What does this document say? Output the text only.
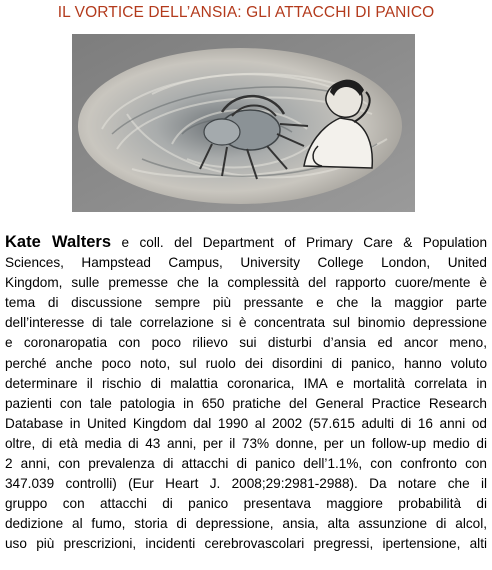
IL VORTICE DELL’ANSIA: GLI ATTACCHI DI PANICO

Kate Walters e coll. del Department of Primary Care & Population
Sciences, Hampstead Campus, University College London, United
Kingdom, sulle premesse che la complessità del rapporto cuore/mente è
tema di discussione sempre più pressante e che la maggior parte
dell’interesse di tale correlazione si è concentrata sul binomio depressione
e coronaropatia con poco rilievo sui disturbi d’ansia ed ancor meno,
perché anche poco noto, sul ruolo dei disordini di panico, hanno voluto
determinare il rischio di malattia coronarica, IMA e mortalità correlata in
pazienti con tale patologia in 650 pratiche del General Practice Research
Database in United Kingdom dal 1990 al 2002 (57.615 adulti di 16 anni od
oltre, di età media di 43 anni, per il 73% donne, per un follow-up medio di
2 anni, con prevalenza di attacchi di panico dell’1.1%, con confronto con
347.039 controlli) (Eur Heart J. 2008;29:2981-2988). Da notare che il
gruppo con attacchi di panico presentava maggiore probabilità di
dedizione al fumo, storia di depressione, ansia, alta assunzione di alcol,
uso più prescrizioni, incidenti cerebrovascolari pregressi, ipertensione, alti
